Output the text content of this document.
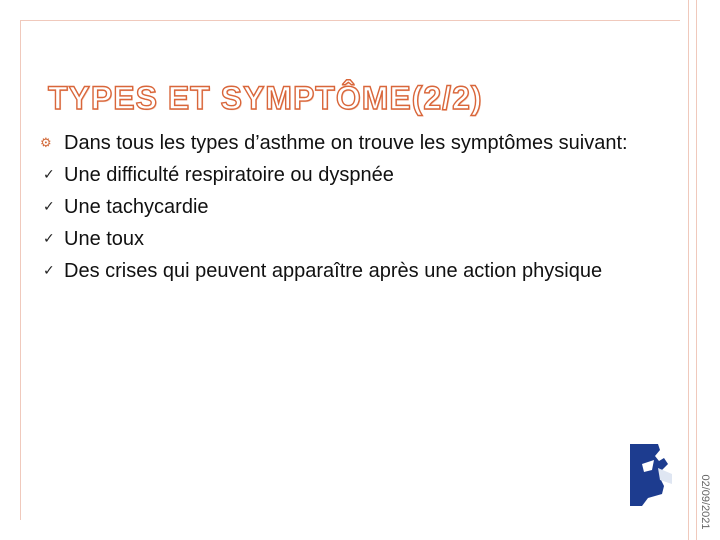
TYPES ET SYMPTÔME(2/2)
⚙ Dans tous les types d’asthme on trouve les symptômes suivant:
✓ Une difficulté respiratoire ou dyspnée
✓ Une tachycardie
✓ Une toux
✓ Des crises qui peuvent apparaître après une action physique
02/09/2021
